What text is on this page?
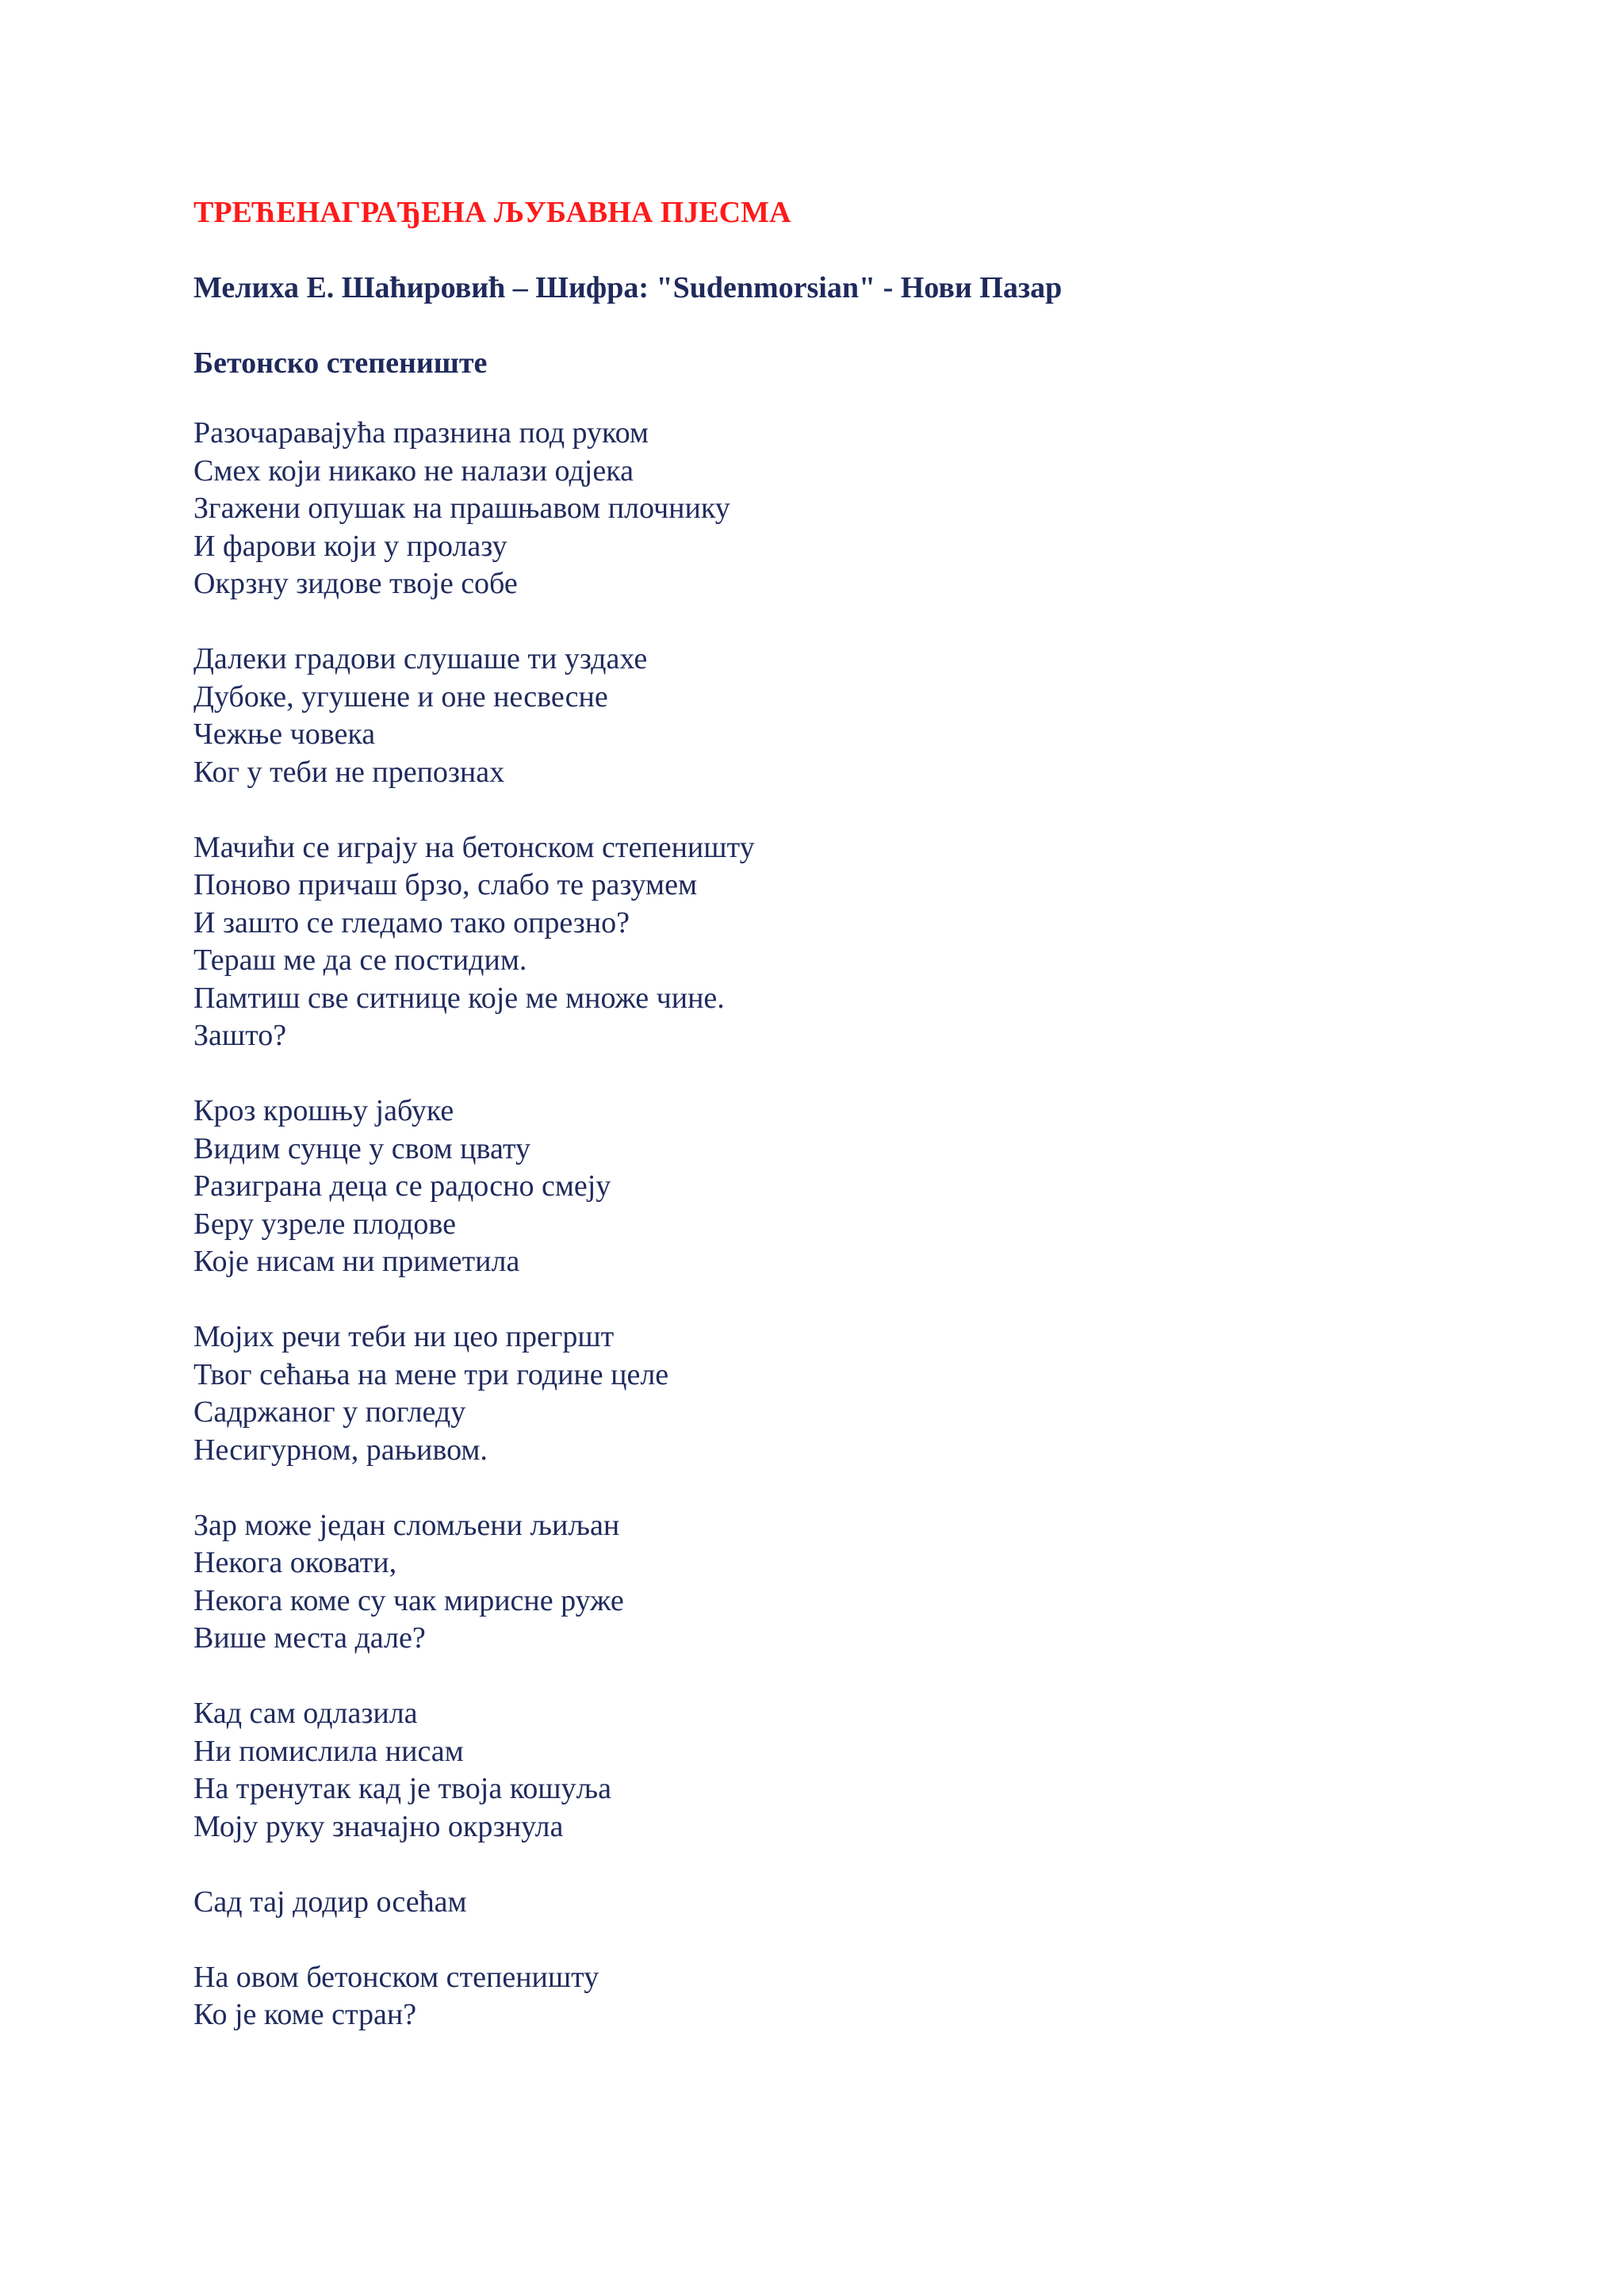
ТРЕЋЕНАГРАЂЕНА ЉУБАВНА ПЈЕСМА
Мелиха Е. Шаћировић – Шифра: "Sudenmorsian" - Нови Пазар
Бетонско степениште
Разочаравајућа празнина под руком
Смех који никако не налази одјека
Згажени опушак на прашњавом плочнику
И фарови који у пролазу
Окрзну зидове твоје собе
Далеки градови слушаше ти уздахе
Дубоке, угушене и оне несвесне
Чежње човека
Ког у теби не препознах
Мачићи се играју на бетонском степеништу
Поново причаш брзо, слабо те разумем
И зашто се гледамо тако опрезно?
Тераш ме да се постидим.
Памтиш све ситнице које ме множе чине.
Зашто?
Кроз крошњу јабуке
Видим сунце у свом цвату
Разиграна деца се радосно смеју
Беру узреле плодове
Које нисам ни приметила
Мојих речи теби ни цео прегршт
Твог сећања на мене три године целе
Садржаног у погледу
Несигурном, рањивом.
Зар може један сломљени љиљан
Некога оковати,
Некога коме су чак мирисне руже
Више места дале?
Кад сам одлазила
Ни помислила нисам
На тренутак кад је твоја кошуља
Моју руку значајно окрзнула
Сад тај додир осећам
На овом бетонском степеништу
Ко је коме стран?
